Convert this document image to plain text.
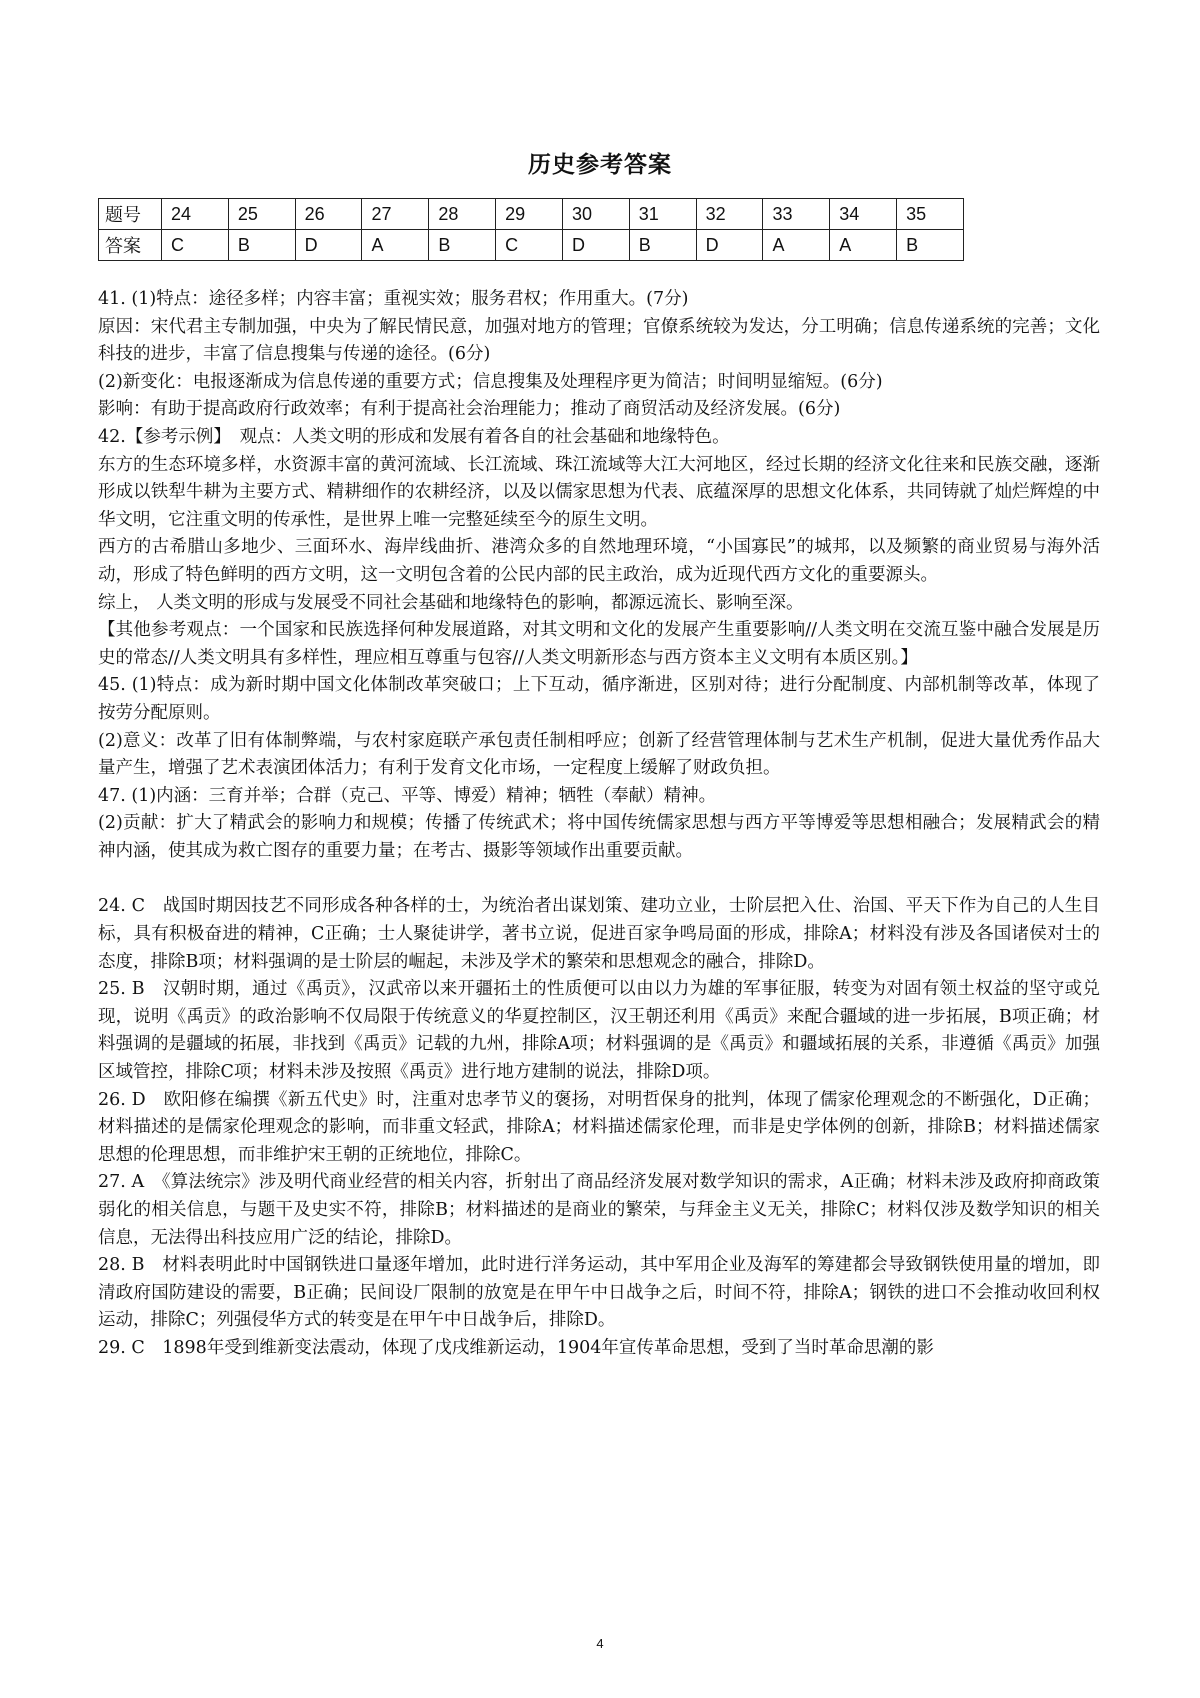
历史参考答案
题号	24	25	26	27	28	29	30	31	32	33	34	35
答案	C	B	D	A	B	C	D	B	D	A	A	B

41. (1)特点：途径多样；内容丰富；重视实效；服务君权；作用重大。(7分)

原因：宋代君主专制加强，中央为了解民情民意，加强对地方的管理；官僚系统较为发达，分工明确；信息传递系统的完善；文化科技的进步，丰富了信息搜集与传递的途径。(6分)

(2)新变化：电报逐渐成为信息传递的重要方式；信息搜集及处理程序更为简洁；时间明显缩短。(6分)

影响：有助于提高政府行政效率；有利于提高社会治理能力；推动了商贸活动及经济发展。(6分)

42.【参考示例】　观点：人类文明的形成和发展有着各自的社会基础和地缘特色。

东方的生态环境多样，水资源丰富的黄河流域、长江流域、珠江流域等大江大河地区，经过长期的经济文化往来和民族交融，逐渐形成以铁犁牛耕为主要方式、精耕细作的农耕经济，以及以儒家思想为代表、底蕴深厚的思想文化体系，共同铸就了灿烂辉煌的中华文明，它注重文明的传承性，是世界上唯一完整延续至今的原生文明。

西方的古希腊山多地少、三面环水、海岸线曲折、港湾众多的自然地理环境，“小国寡民”的城邦，以及频繁的商业贸易与海外活动，形成了特色鲜明的西方文明，这一文明包含着的公民内部的民主政治，成为近现代西方文化的重要源头。

综上， 人类文明的形成与发展受不同社会基础和地缘特色的影响，都源远流长、影响至深。

【其他参考观点：一个国家和民族选择何种发展道路，对其文明和文化的发展产生重要影响//人类文明在交流互鉴中融合发展是历史的常态//人类文明具有多样性，理应相互尊重与包容//人类文明新形态与西方资本主义文明有本质区别。】

45. (1)特点：成为新时期中国文化体制改革突破口；上下互动，循序渐进，区别对待；进行分配制度、内部机制等改革，体现了按劳分配原则。

(2)意义：改革了旧有体制弊端，与农村家庭联产承包责任制相呼应；创新了经营管理体制与艺术生产机制，促进大量优秀作品大量产生，增强了艺术表演团体活力；有利于发育文化市场，一定程度上缓解了财政负担。

47. (1)内涵：三育并举；合群（克己、平等、博爱）精神；牺牲（奉献）精神。

(2)贡献：扩大了精武会的影响力和规模；传播了传统武术；将中国传统儒家思想与西方平等博爱等思想相融合；发展精武会的精神内涵，使其成为救亡图存的重要力量；在考古、摄影等领域作出重要贡献。

24. C　战国时期因技艺不同形成各种各样的士，为统治者出谋划策、建功立业，士阶层把入仕、治国、平天下作为自己的人生目标，具有积极奋进的精神，C正确；士人聚徒讲学，著书立说，促进百家争鸣局面的形成，排除A；材料没有涉及各国诸侯对士的态度，排除B项；材料强调的是士阶层的崛起，未涉及学术的繁荣和思想观念的融合，排除D。

25. B　汉朝时期，通过《禹贡》，汉武帝以来开疆拓土的性质便可以由以力为雄的军事征服，转变为对固有领土权益的坚守或兑现，说明《禹贡》的政治影响不仅局限于传统意义的华夏控制区，汉王朝还利用《禹贡》来配合疆域的进一步拓展，B项正确；材料强调的是疆域的拓展，非找到《禹贡》记载的九州，排除A项；材料强调的是《禹贡》和疆域拓展的关系，非遵循《禹贡》加强区域管控，排除C项；材料未涉及按照《禹贡》进行地方建制的说法，排除D项。

26. D　欧阳修在编撰《新五代史》时，注重对忠孝节义的褒扬，对明哲保身的批判，体现了儒家伦理观念的不断强化，D正确；材料描述的是儒家伦理观念的影响，而非重文轻武，排除A；材料描述儒家伦理，而非是史学体例的创新，排除B；材料描述儒家思想的伦理思想，而非维护宋王朝的正统地位，排除C。

27. A　《算法统宗》涉及明代商业经营的相关内容，折射出了商品经济发展对数学知识的需求，A正确；材料未涉及政府抑商政策弱化的相关信息，与题干及史实不符，排除B；材料描述的是商业的繁荣，与拜金主义无关，排除C；材料仅涉及数学知识的相关信息，无法得出科技应用广泛的结论，排除D。

28. B　材料表明此时中国钢铁进口量逐年增加，此时进行洋务运动，其中军用企业及海军的筹建都会导致钢铁使用量的增加，即清政府国防建设的需要，B正确；民间设厂限制的放宽是在甲午中日战争之后，时间不符，排除A；钢铁的进口不会推动收回利权运动，排除C；列强侵华方式的转变是在甲午中日战争后，排除D。

29. C　1898年受到维新变法震动，体现了戊戌维新运动，1904年宣传革命思想，受到了当时革命思潮的影

4
